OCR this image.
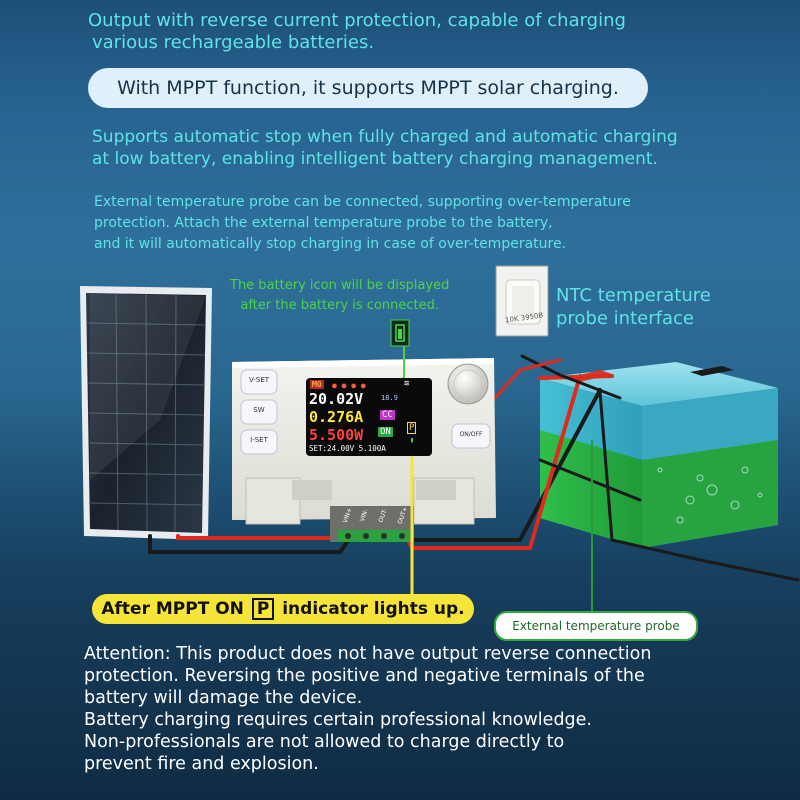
Output with reverse current protection, capable of charging
various rechargeable batteries.
With MPPT function, it supports MPPT solar charging.
Supports automatic stop when fully charged and automatic charging
at low battery, enabling intelligent battery charging management.
External temperature probe can be connected, supporting over-temperature
protection. Attach the external temperature probe to the battery,
and it will automatically stop charging in case of over-temperature.
10K 3950B
The battery icon will be displayed
after the battery is connected.	NTC temperature
probe interface
V-SET
SW
I-SET
ON/OFF
M0 ● ● ● ●	≋
20.02V	18.9
0.276A CC
5.500W ON P
▮
SET:24.00V 5.100A
VIN+ VIN- OUT- OUT+
After MPPT ON P indicator lights up.
External temperature probe
Attention: This product does not have output reverse connection
protection. Reversing the positive and negative terminals of the
battery will damage the device.
Battery charging requires certain professional knowledge.
Non-professionals are not allowed to charge directly to
prevent fire and explosion.
